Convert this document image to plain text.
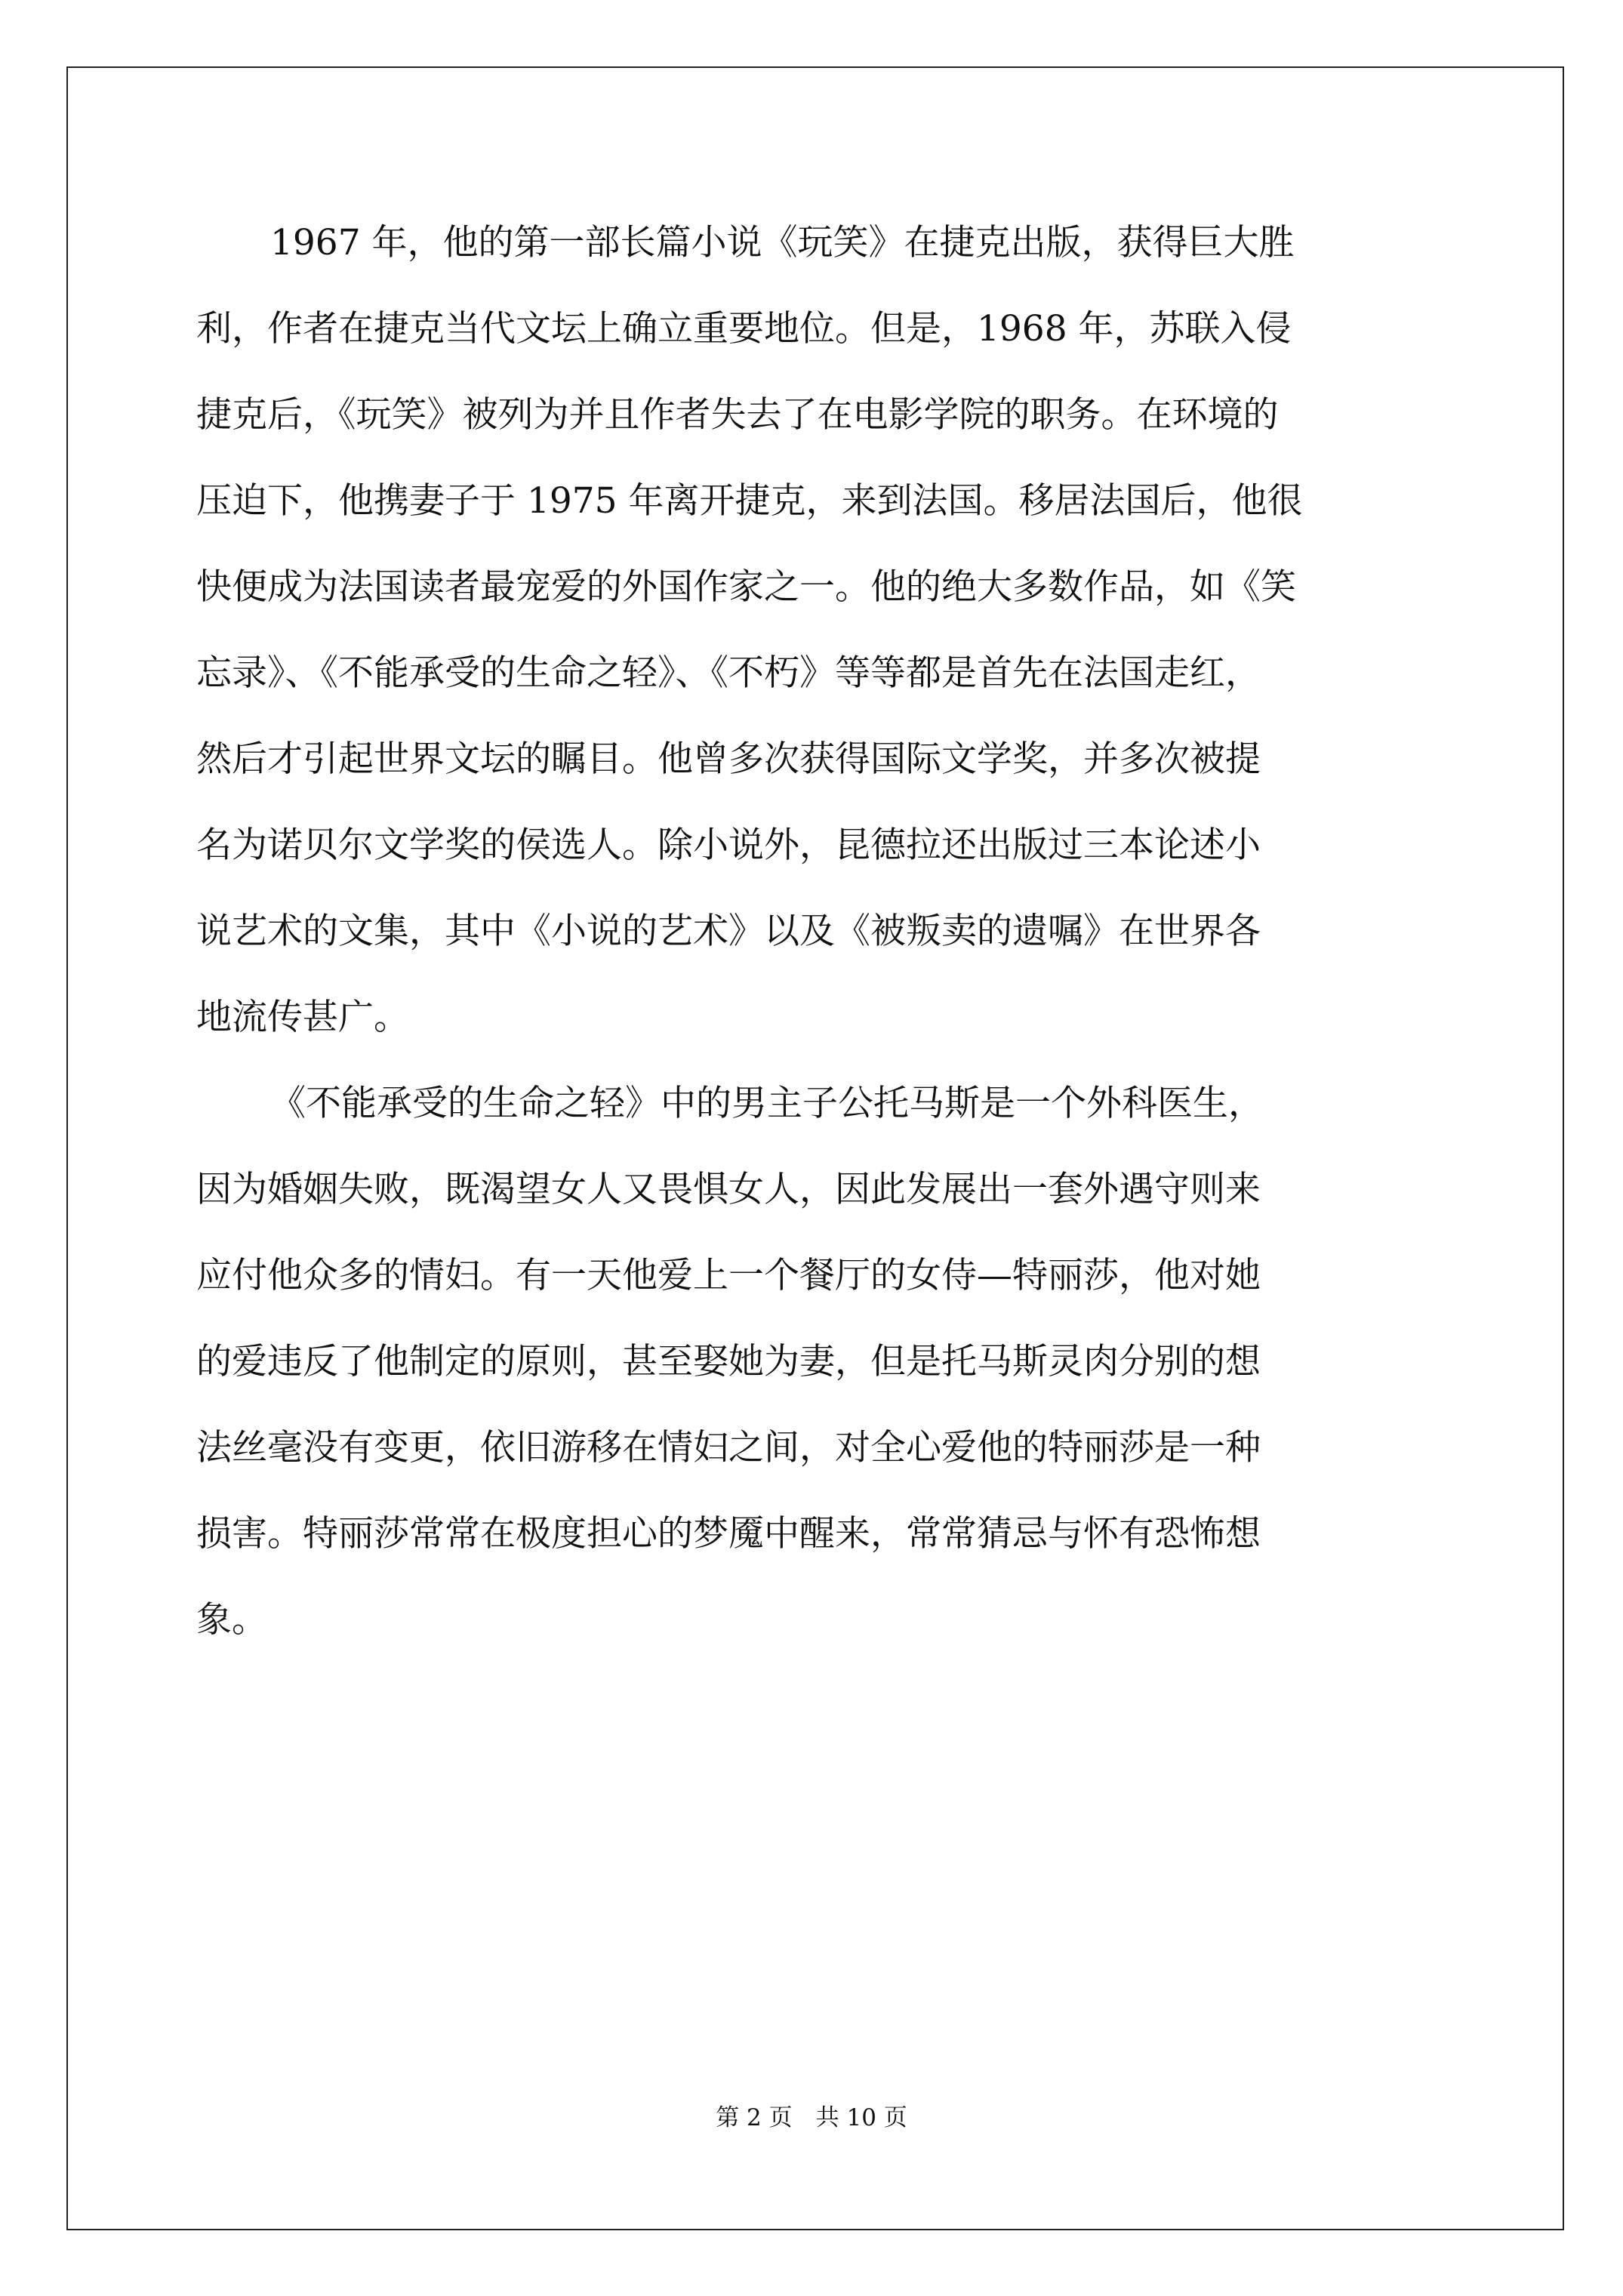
1967 年，他的第一部长篇小说《玩笑》在捷克出版，获得巨大胜
利，作者在捷克当代文坛上确立重要地位。但是，1968 年，苏联入侵
捷克后，《玩笑》被列为并且作者失去了在电影学院的职务。在环境的
压迫下，他携妻子于 1975 年离开捷克，来到法国。移居法国后，他很
快便成为法国读者最宠爱的外国作家之一。他的绝大多数作品，如《笑
忘录》、《不能承受的生命之轻》、《不朽》等等都是首先在法国走红，
然后才引起世界文坛的瞩目。他曾多次获得国际文学奖，并多次被提
名为诺贝尔文学奖的侯选人。除小说外，昆德拉还出版过三本论述小
说艺术的文集，其中《小说的艺术》以及《被叛卖的遗嘱》在世界各
地流传甚广。
《不能承受的生命之轻》中的男主子公托马斯是一个外科医生，
因为婚姻失败，既渴望女人又畏惧女人，因此发展出一套外遇守则来
应付他众多的情妇。有一天他爱上一个餐厅的女侍—特丽莎，他对她
的爱违反了他制定的原则，甚至娶她为妻，但是托马斯灵肉分别的想
法丝毫没有变更，依旧游移在情妇之间，对全心爱他的特丽莎是一种
损害。特丽莎常常在极度担心的梦魇中醒来，常常猜忌与怀有恐怖想
象。
第 2 页　共 10 页
